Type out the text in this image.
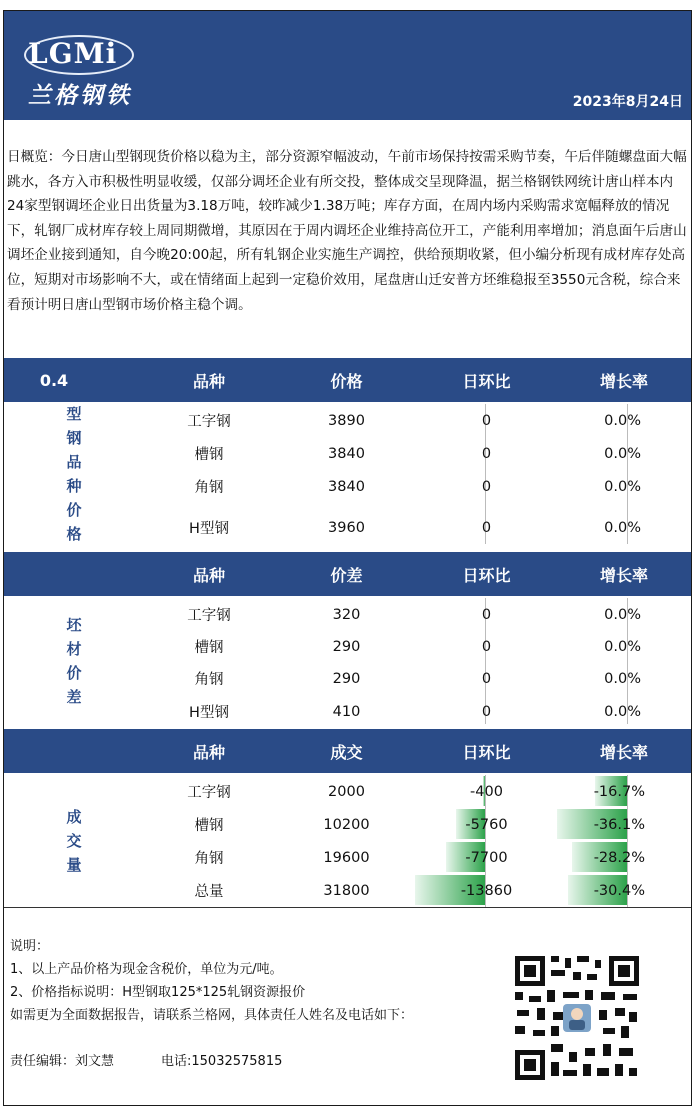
LGMi
兰格钢铁	2023年8月24日

日概览：今日唐山型钢现货价格以稳为主，部分资源窄幅波动，午前市场保持按需采购节奏，午后伴随螺盘面大幅跳水，各方入市积极性明显收缓，仅部分调坯企业有所交投，整体成交呈现降温，据兰格钢铁网统计唐山样本内24家型钢调坯企业日出货量为3.18万吨，较昨减少1.38万吨；库存方面，在周内场内采购需求宽幅释放的情况下，轧钢厂成材库存较上周同期微增，其原因在于周内调坯企业维持高位开工，产能利用率增加；消息面午后唐山调坯企业接到通知，自今晚20:00起，所有轧钢企业实施生产调控，供给预期收紧，但小编分析现有成材库存处高位，短期对市场影响不大，或在情绪面上起到一定稳价效用，尾盘唐山迁安普方坯维稳报至3550元含税，综合来看预计明日唐山型钢市场价格主稳个调。

0.4	品种	价格	日环比	增长率
型
钢
品
种
价
格
工字钢	3890	0	0.0%
槽钢	3840	0	0.0%
角钢	3840	0	0.0%
H型钢	3960	0	0.0%
品种	价差	日环比	增长率
坯
材
价
差
工字钢	320	0	0.0%
槽钢	290	0	0.0%
角钢	290	0	0.0%
H型钢	410	0	0.0%
品种	成交	日环比	增长率
成
交
量
工字钢	2000	-400	-16.7%
槽钢	10200	-5760	-36.1%
角钢	19600	-7700	-28.2%
总量	31800	-13860	-30.4%
说明：
1、以上产品价格为现金含税价，单位为元/吨。
2、价格指标说明：H型钢取125*125轧钢资源报价
如需更为全面数据报告，请联系兰格网，具体责任人姓名及电话如下：
责任编辑：刘文慧	电话:15032575815
